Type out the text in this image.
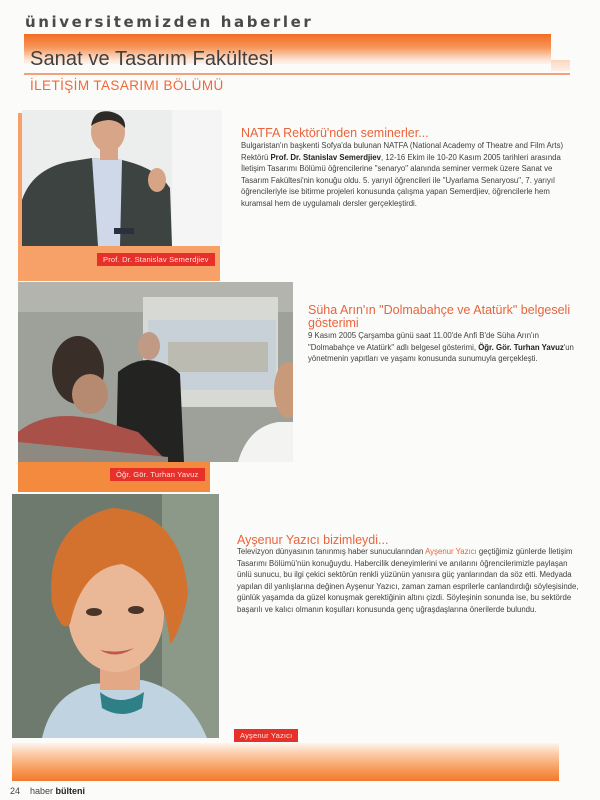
üniversitemizden haberler
Sanat ve Tasarım Fakültesi
İLETİŞİM TASARIMI BÖLÜMÜ
Prof. Dr. Stanislav Semerdjiev
NATFA Rektörü'nden seminerler...
Bulgaristan'ın başkenti Sofya'da bulunan NATFA (National Academy of Theatre and Film Arts) Rektörü Prof. Dr. Stanislav Semerdjiev, 12-16 Ekim ile 10-20 Kasım 2005 tarihleri arasında İletişim Tasarımı Bölümü öğrencilerine "senaryo" alanında seminer vermek üzere Sanat ve Tasarım Fakültesi'nin konuğu oldu. 5. yarıyıl öğrencileri ile "Uyarlama Senaryosu", 7. yarıyıl öğrencileriyle ise bitirme projeleri konusunda çalışma yapan Semerdjiev, öğrencilerle hem kuramsal hem de uygulamalı dersler gerçekleştirdi.
Öğr. Gör. Turhan Yavuz
Süha Arın'ın "Dolmabahçe ve Atatürk" belgeseli gösterimi
9 Kasım 2005 Çarşamba günü saat 11.00'de Anfi B'de Süha Arın'ın "Dolmabahçe ve Atatürk" adlı belgesel gösterimi, Öğr. Gör. Turhan Yavuz'un yönetmenin yapıtları ve yaşamı konusunda sunumuyla gerçekleşti.
Ayşenur Yazıcı
Ayşenur Yazıcı bizimleydi...
Televizyon dünyasının tanınmış haber sunucularından Ayşenur Yazıcı geçtiğimiz günlerde İletişim Tasarımı Bölümü'nün konuğuydu. Habercilik deneyimlerini ve anılarını öğrencilerimizle paylaşan ünlü sunucu, bu ilgi çekici sektörün renkli yüzünün yanısıra güç yanlarından da söz etti. Medyada yapılan dil yanlışlarına değinen Ayşenur Yazıcı, zaman zaman esprilerle canlandırdığı söyleşisinde, günlük yaşamda da güzel konuşmak gerektiğinin altını çizdi. Söyleşinin sonunda ise, bu sektörde başarılı ve kalıcı olmanın koşulları konusunda genç uğraşdaşlarına önerilerde bulundu.
24 haber bülteni
